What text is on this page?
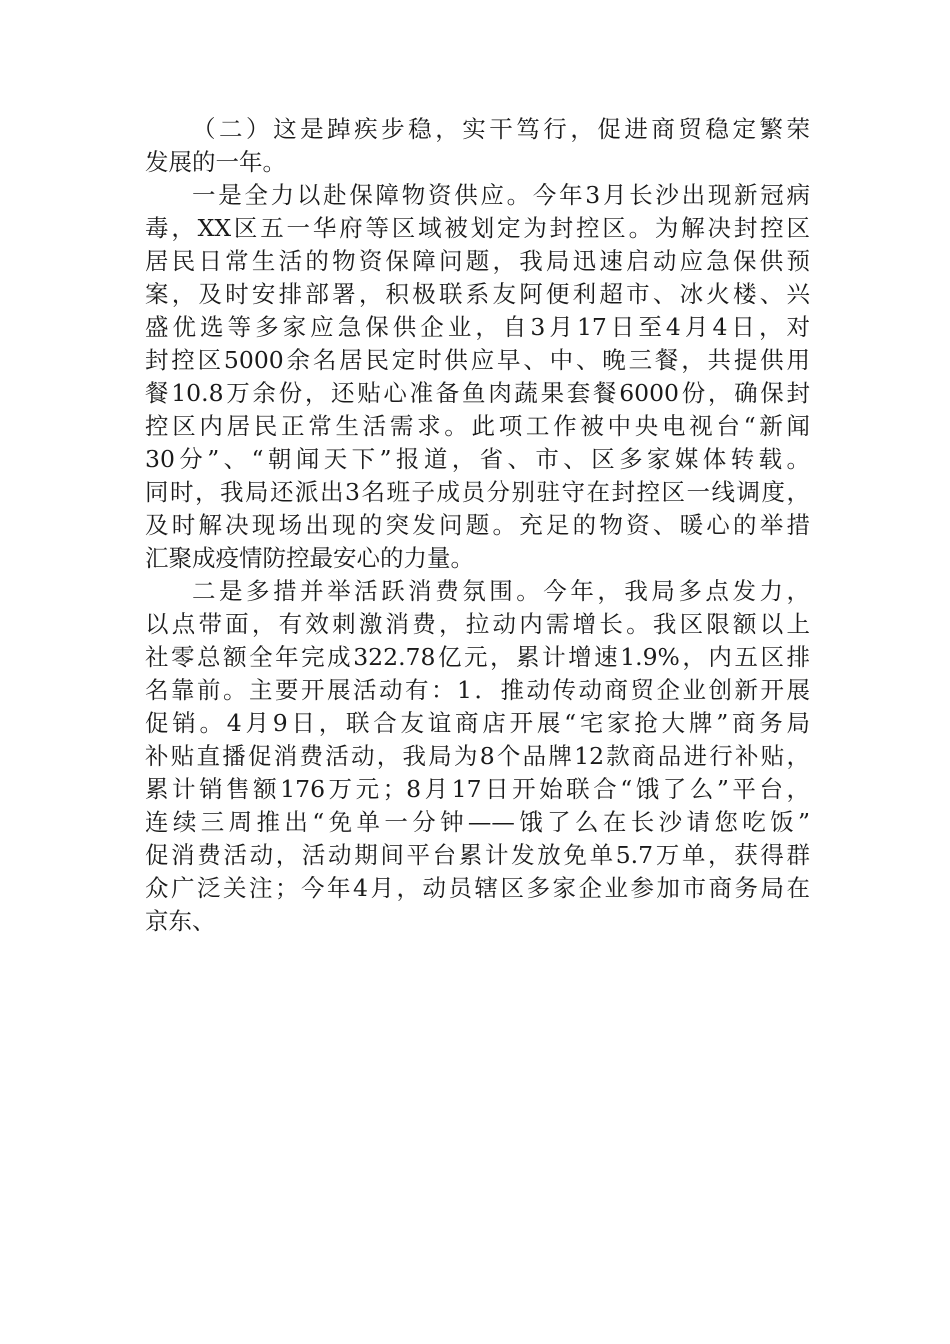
（二）这是踔疾步稳，实干笃行，促进商贸稳定繁荣
发展的一年。
一是全力以赴保障物资供应。今年3月长沙出现新冠病
毒，XX区五一华府等区域被划定为封控区。为解决封控区
居民日常生活的物资保障问题，我局迅速启动应急保供预
案，及时安排部署，积极联系友阿便利超市、冰火楼、兴
盛优选等多家应急保供企业，自3月17日至4月4日，对
封控区5000余名居民定时供应早、中、晚三餐，共提供用
餐10.8万余份，还贴心准备鱼肉蔬果套餐6000份，确保封
控区内居民正常生活需求。此项工作被中央电视台“新闻
30分”、“朝闻天下”报道，省、市、区多家媒体转载。
同时，我局还派出3名班子成员分别驻守在封控区一线调度，
及时解决现场出现的突发问题。充足的物资、暖心的举措
汇聚成疫情防控最安心的力量。
二是多措并举活跃消费氛围。今年，我局多点发力，
以点带面，有效刺激消费，拉动内需增长。我区限额以上
社零总额全年完成322.78亿元，累计增速1.9%，内五区排
名靠前。主要开展活动有：1．推动传动商贸企业创新开展
促销。4月9日，联合友谊商店开展“宅家抢大牌”商务局
补贴直播促消费活动，我局为8个品牌12款商品进行补贴，
累计销售额176万元；8月17日开始联合“饿了么”平台，
连续三周推出“免单一分钟——饿了么在长沙请您吃饭”
促消费活动，活动期间平台累计发放免单5.7万单，获得群
众广泛关注；今年4月，动员辖区多家企业参加市商务局在
京东、
